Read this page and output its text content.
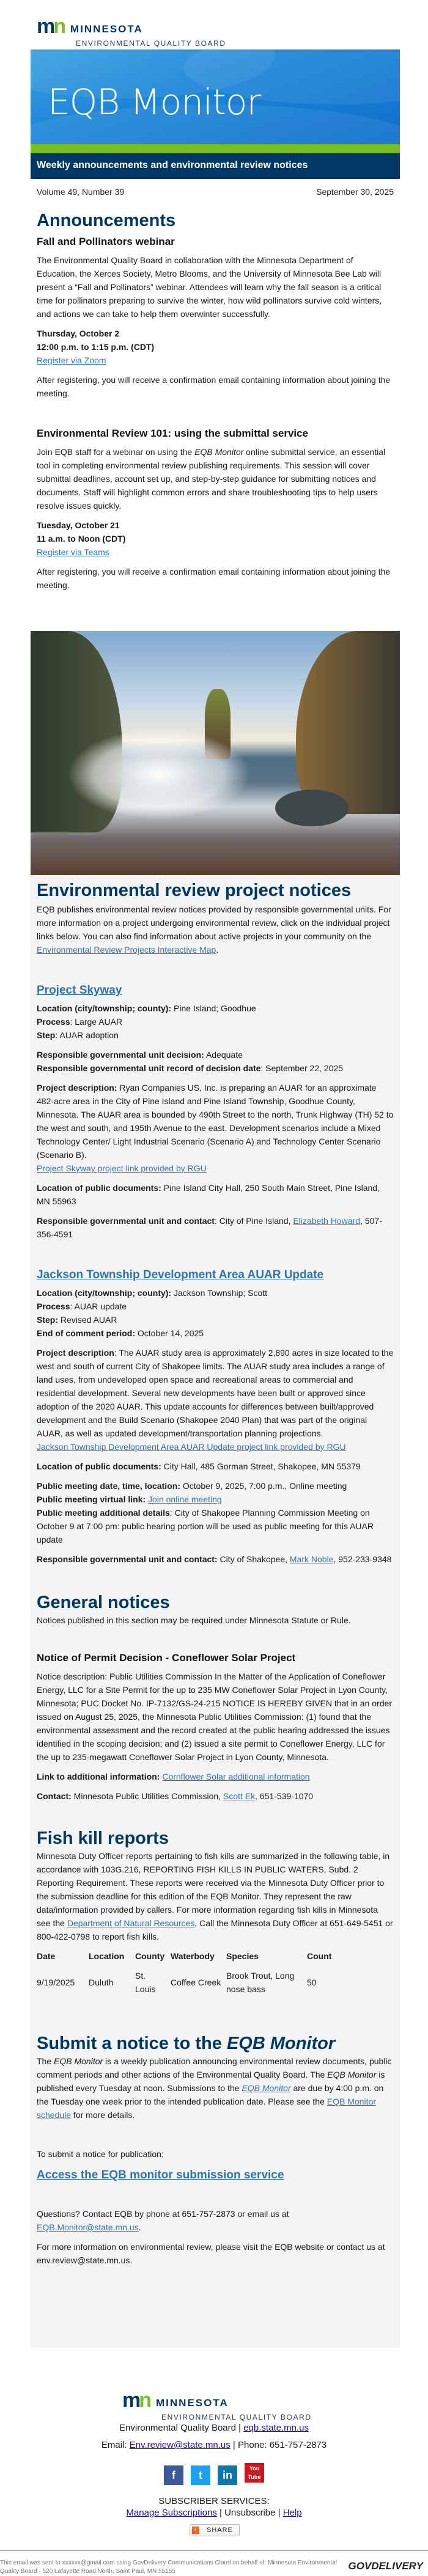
mn MINNESOTA
ENVIRONMENTAL QUALITY BOARD
EQB Monitor
Weekly announcements and environmental review notices
Volume 49, Number 39	September 30, 2025
Announcements
Fall and Pollinators webinar

The Environmental Quality Board in collaboration with the Minnesota Department of Education, the Xerces Society, Metro Blooms, and the University of Minnesota Bee Lab will present a “Fall and Pollinators” webinar. Attendees will learn why the fall season is a critical time for pollinators preparing to survive the winter, how wild pollinators survive cold winters, and actions we can take to help them overwinter successfully.

Thursday, October 2
12:00 p.m. to 1:15 p.m. (CDT)
Register via Zoom

After registering, you will receive a confirmation email containing information about joining the meeting.

Environmental Review 101: using the submittal service

Join EQB staff for a webinar on using the EQB Monitor online submittal service, an essential tool in completing environmental review publishing requirements. This session will cover submittal deadlines, account set up, and step-by-step guidance for submitting notices and documents. Staff will highlight common errors and share troubleshooting tips to help users resolve issues quickly.

Tuesday, October 21
11 a.m. to Noon (CDT)
Register via Teams

After registering, you will receive a confirmation email containing information about joining the meeting.

Environmental review project notices

EQB publishes environmental review notices provided by responsible governmental units. For more information on a project undergoing environmental review, click on the individual project links below. You can also find information about active projects in your community on the Environmental Review Projects Interactive Map.

Project Skyway
Location (city/township; county): Pine Island; Goodhue
Process: Large AUAR

Step: AUAR adoption

Responsible governmental unit decision: Adequate

Responsible governmental unit record of decision date: September 22, 2025

Project description: Ryan Companies US, Inc. is preparing an AUAR for an approximate 482-acre area in the City of Pine Island and Pine Island Township, Goodhue County, Minnesota. The AUAR area is bounded by 490th Street to the north, Trunk Highway (TH) 52 to the west and south, and 195th Avenue to the east. Development scenarios include a Mixed Technology Center/ Light Industrial Scenario (Scenario A) and Technology Center Scenario (Scenario B).

Project Skyway project link provided by RGU

Location of public documents: Pine Island City Hall, 250 South Main Street, Pine Island, MN 55963

Responsible governmental unit and contact: City of Pine Island, Elizabeth Howard, 507-356-4591

Jackson Township Development Area AUAR Update
Location (city/township; county): Jackson Township; Scott
Process: AUAR update
Step: Revised AUAR

End of comment period: October 14, 2025

Project description: The AUAR study area is approximately 2,890 acres in size located to the west and south of current City of Shakopee limits. The AUAR study area includes a range of land uses, from undeveloped open space and recreational areas to commercial and residential development. Several new developments have been built or approved since adoption of the 2020 AUAR. This update accounts for differences between built/approved development and the Build Scenario (Shakopee 2040 Plan) that was part of the original AUAR, as well as updated development/transportation planning projections.

Jackson Township Development Area AUAR Update project link provided by RGU

Location of public documents: City Hall, 485 Gorman Street, Shakopee, MN 55379

Public meeting date, time, location: October 9, 2025, 7:00 p.m., Online meeting
Public meeting virtual link: Join online meeting

Public meeting additional details: City of Shakopee Planning Commission Meeting on October 9 at 7:00 pm: public hearing portion will be used as public meeting for this AUAR update

Responsible governmental unit and contact: City of Shakopee, Mark Noble, 952-233-9348

General notices

Notices published in this section may be required under Minnesota Statute or Rule.

Notice of Permit Decision - Coneflower Solar Project

Notice description: Public Utilities Commission In the Matter of the Application of Coneflower Energy, LLC for a Site Permit for the up to 235 MW Coneflower Solar Project in Lyon County, Minnesota; PUC Docket No. IP-7132/GS-24-215 NOTICE IS HEREBY GIVEN that in an order issued on August 25, 2025, the Minnesota Public Utilities Commission: (1) found that the environmental assessment and the record created at the public hearing addressed the issues identified in the scoping decision; and (2) issued a site permit to Coneflower Energy, LLC for the up to 235-megawatt Coneflower Solar Project in Lyon County, Minnesota.

Link to additional information: Cornflower Solar additional information

Contact: Minnesota Public Utilities Commission, Scott Ek, 651-539-1070

Fish kill reports

Minnesota Duty Officer reports pertaining to fish kills are summarized in the following table, in accordance with 103G.216, REPORTING FISH KILLS IN PUBLIC WATERS, Subd. 2 Reporting Requirement. These reports were received via the Minnesota Duty Officer prior to the submission deadline for this edition of the EQB Monitor. They represent the raw data/information provided by callers. For more information regarding fish kills in Minnesota see the Department of Natural Resources. Call the Minnesota Duty Officer at 651-649-5451 or 800-422-0798 to report fish kills.

Date	Location	County	Waterbody	Species	Count
9/19/2025	Duluth	St. Louis	Coffee Creek	Brook Trout, Long nose bass	50
Submit a notice to the EQB Monitor

The EQB Monitor is a weekly publication announcing environmental review documents, public comment periods and other actions of the Environmental Quality Board. The EQB Monitor is published every Tuesday at noon. Submissions to the EQB Monitor are due by 4:00 p.m. on the Tuesday one week prior to the intended publication date. Please see the EQB Monitor schedule for more details.

To submit a notice for publication:

Access the EQB monitor submission service

Questions? Contact EQB by phone at 651-757-2873 or email us at EQB.Monitor@state.mn.us.

For more information on environmental review, please visit the EQB website or contact us at env.review@state.mn.us.

mn MINNESOTA
ENVIRONMENTAL QUALITY BOARD
Environmental Quality Board | eqb.state.mn.us
Email: Env.review@state.mn.us | Phone: 651-757-2873
f t inYou Tube
SUBSCRIBER SERVICES:
Manage Subscriptions | Unsubscribe | Help
+ SHARE
This email was sent to xxxxxx@gmail.com using GovDelivery Communications Cloud on behalf of: Minnesota Environmental Quality Board · 520 Lafayette Road North, Saint Paul, MN 55155	GOVDELIVERY
